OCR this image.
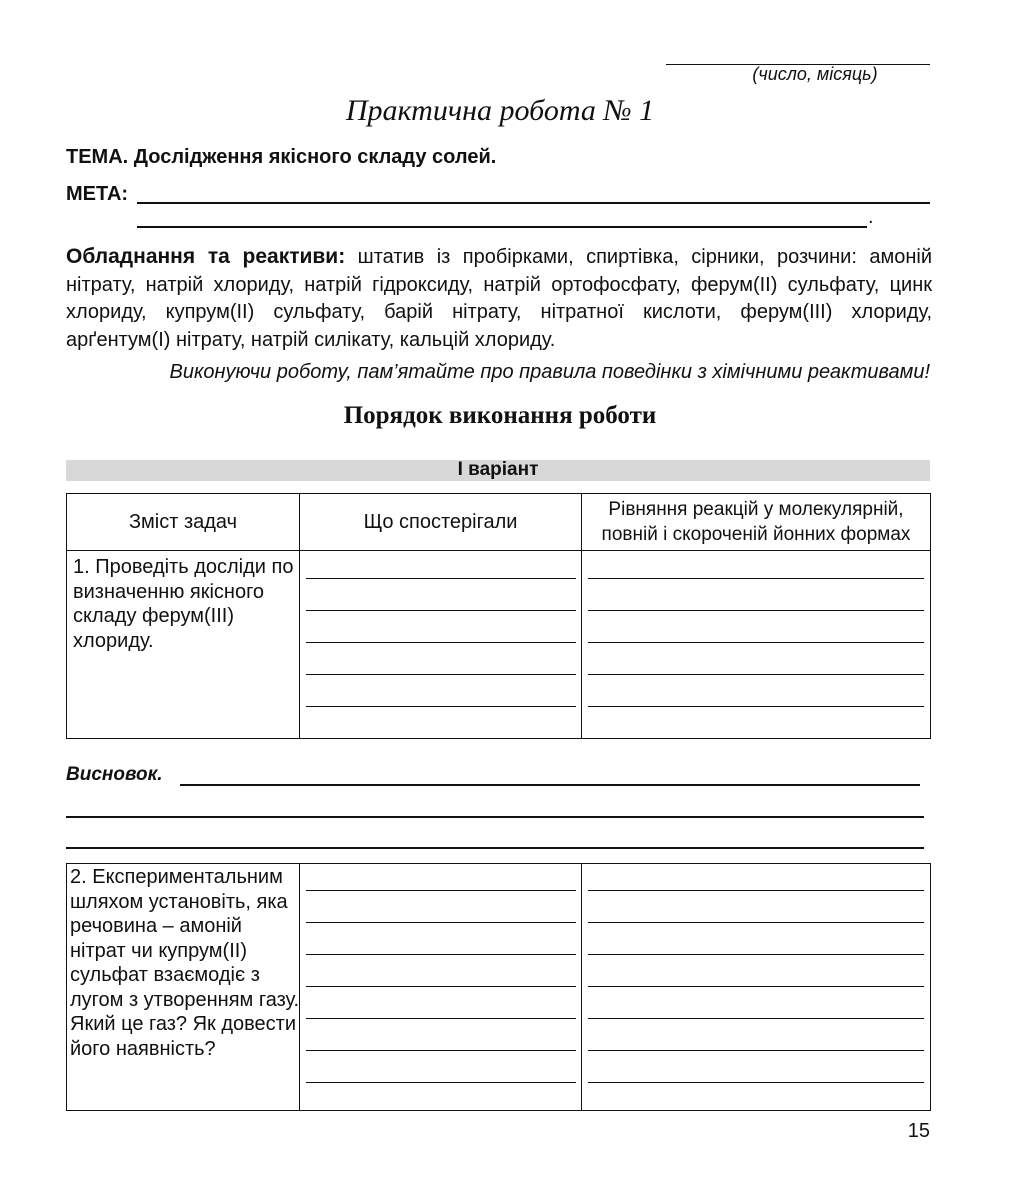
(число, місяць)
Практична робота № 1
ТЕМА. Дослідження якісного складу солей.
МЕТА:
.
Обладнання та реактиви: штатив із пробірками, спиртівка, сірники, розчини: амоній нітрату, натрій хлориду, натрій гідроксиду, натрій ортофосфату, ферум(II) сульфату, цинк хлориду, купрум(II) сульфату, барій нітрату, нітратної кислоти, ферум(III) хлориду, арґентум(I) нітрату, натрій силікату, кальцій хлориду.
Виконуючи роботу, пам’ятайте про правила поведінки з хімічними реактивами!
Порядок виконання роботи
I варіант
Зміст задач	Що спостерігали
Рівняння реакцій у молекулярній, повній і скороченій йонних формах
1. Проведіть досліди по визначенню якісного складу ферум(III) хлориду.
Висновок.
2. Експериментальним шляхом установіть, яка речовина – амоній нітрат чи купрум(II) сульфат взаємодіє з лугом з утворенням газу. Який це газ? Як довести його наявність?
15
